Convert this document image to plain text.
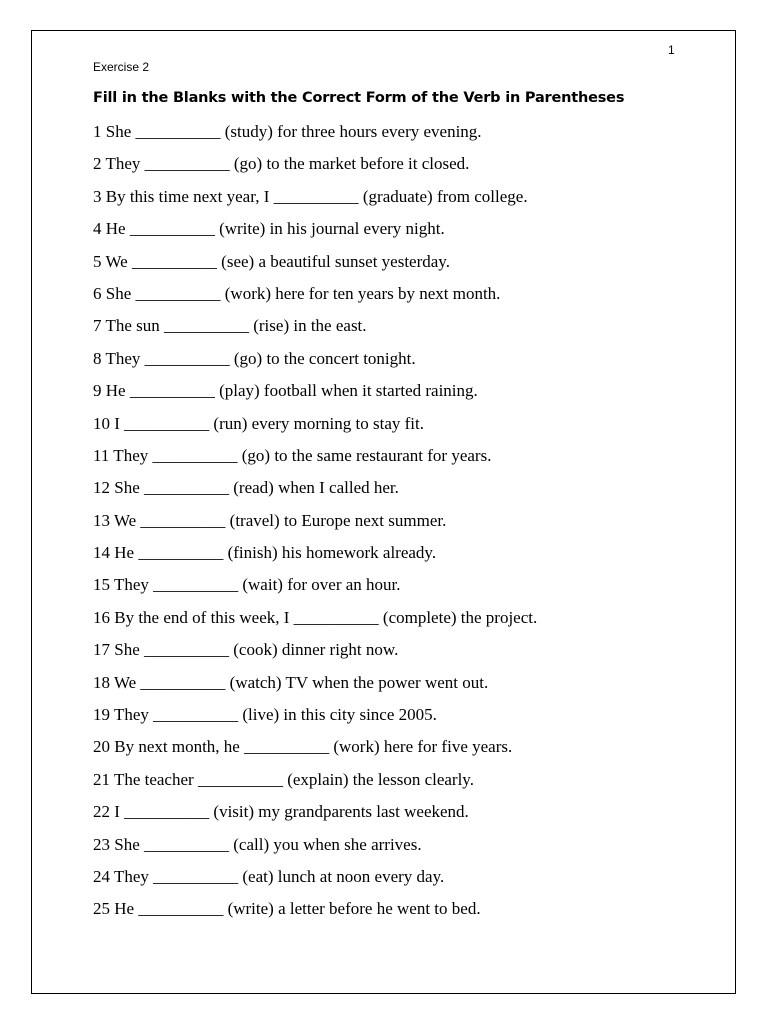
1
Exercise 2
Fill in the Blanks with the Correct Form of the Verb in Parentheses
1 She __________ (study) for three hours every evening.
2 They __________ (go) to the market before it closed.
3 By this time next year, I __________ (graduate) from college.
4 He __________ (write) in his journal every night.
5 We __________ (see) a beautiful sunset yesterday.
6 She __________ (work) here for ten years by next month.
7 The sun __________ (rise) in the east.
8 They __________ (go) to the concert tonight.
9 He __________ (play) football when it started raining.
10 I __________ (run) every morning to stay fit.
11 They __________ (go) to the same restaurant for years.
12 She __________ (read) when I called her.
13 We __________ (travel) to Europe next summer.
14 He __________ (finish) his homework already.
15 They __________ (wait) for over an hour.
16 By the end of this week, I __________ (complete) the project.
17 She __________ (cook) dinner right now.
18 We __________ (watch) TV when the power went out.
19 They __________ (live) in this city since 2005.
20 By next month, he __________ (work) here for five years.
21 The teacher __________ (explain) the lesson clearly.
22 I __________ (visit) my grandparents last weekend.
23 She __________ (call) you when she arrives.
24 They __________ (eat) lunch at noon every day.
25 He __________ (write) a letter before he went to bed.
